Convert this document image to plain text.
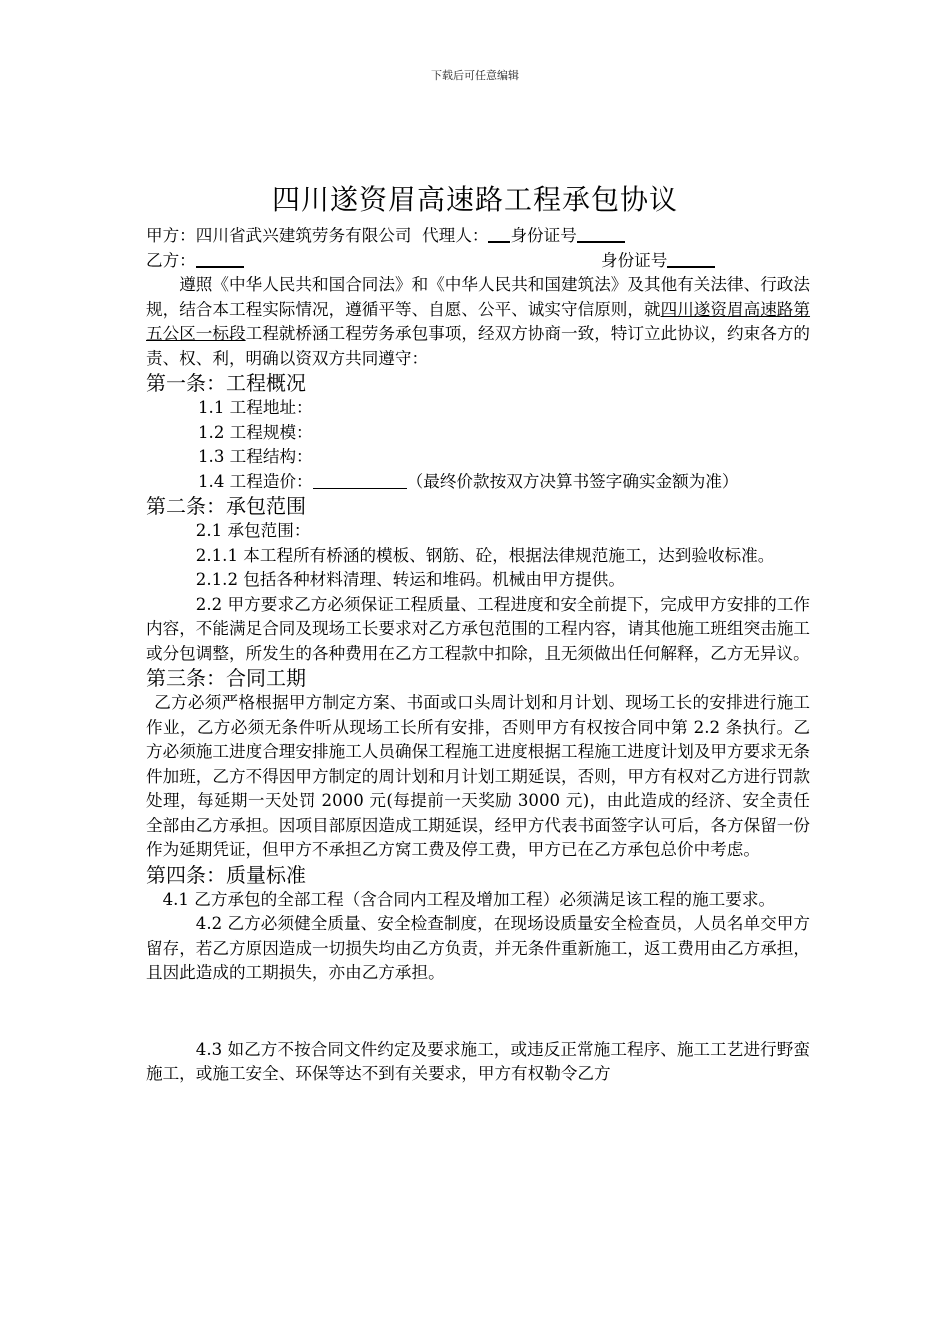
下载后可任意编辑
四川遂资眉高速路工程承包协议
甲方：四川省武兴建筑劳务有限公司 代理人： 身份证号
乙方：	身份证号

遵照《中华人民共和国合同法》和《中华人民共和国建筑法》及其他有关法律、行政法规，结合本工程实际情况，遵循平等、自愿、公平、诚实守信原则，就四川遂资眉高速路第五公区一标段工程就桥涵工程劳务承包事项，经双方协商一致，特订立此协议，约束各方的责、权、利，明确以资双方共同遵守：

第一条：工程概况
1.1 工程地址：
1.2 工程规模：
1.3 工程结构：
1.4 工程造价：	（最终价款按双方决算书签字确实金额为准）
第二条：承包范围

2.1 承包范围：

2.1.1 本工程所有桥涵的模板、钢筋、砼，根据法律规范施工，达到验收标准。

2.1.2 包括各种材料清理、转运和堆码。机械由甲方提供。

2.2 甲方要求乙方必须保证工程质量、工程进度和安全前提下，完成甲方安排的工作内容，不能满足合同及现场工长要求对乙方承包范围的工程内容，请其他施工班组突击施工或分包调整，所发生的各种费用在乙方工程款中扣除，且无须做出任何解释，乙方无异议。

第三条：合同工期

乙方必须严格根据甲方制定方案、书面或口头周计划和月计划、现场工长的安排进行施工作业，乙方必须无条件听从现场工长所有安排，否则甲方有权按合同中第 2.2 条执行。乙方必须施工进度合理安排施工人员确保工程施工进度根据工程施工进度计划及甲方要求无条件加班，乙方不得因甲方制定的周计划和月计划工期延误，否则，甲方有权对乙方进行罚款处理，每延期一天处罚 2000 元(每提前一天奖励 3000 元)，由此造成的经济、安全责任全部由乙方承担。因项目部原因造成工期延误，经甲方代表书面签字认可后，各方保留一份作为延期凭证，但甲方不承担乙方窝工费及停工费，甲方已在乙方承包总价中考虑。

第四条：质量标准

4.1 乙方承包的全部工程（含合同内工程及增加工程）必须满足该工程的施工要求。

4.2 乙方必须健全质量、安全检查制度，在现场设质量安全检查员，人员名单交甲方留存，若乙方原因造成一切损失均由乙方负责，并无条件重新施工，返工费用由乙方承担，且因此造成的工期损失，亦由乙方承担。

4.3 如乙方不按合同文件约定及要求施工，或违反正常施工程序、施工工艺进行野蛮施工，或施工安全、环保等达不到有关要求，甲方有权勒令乙方
